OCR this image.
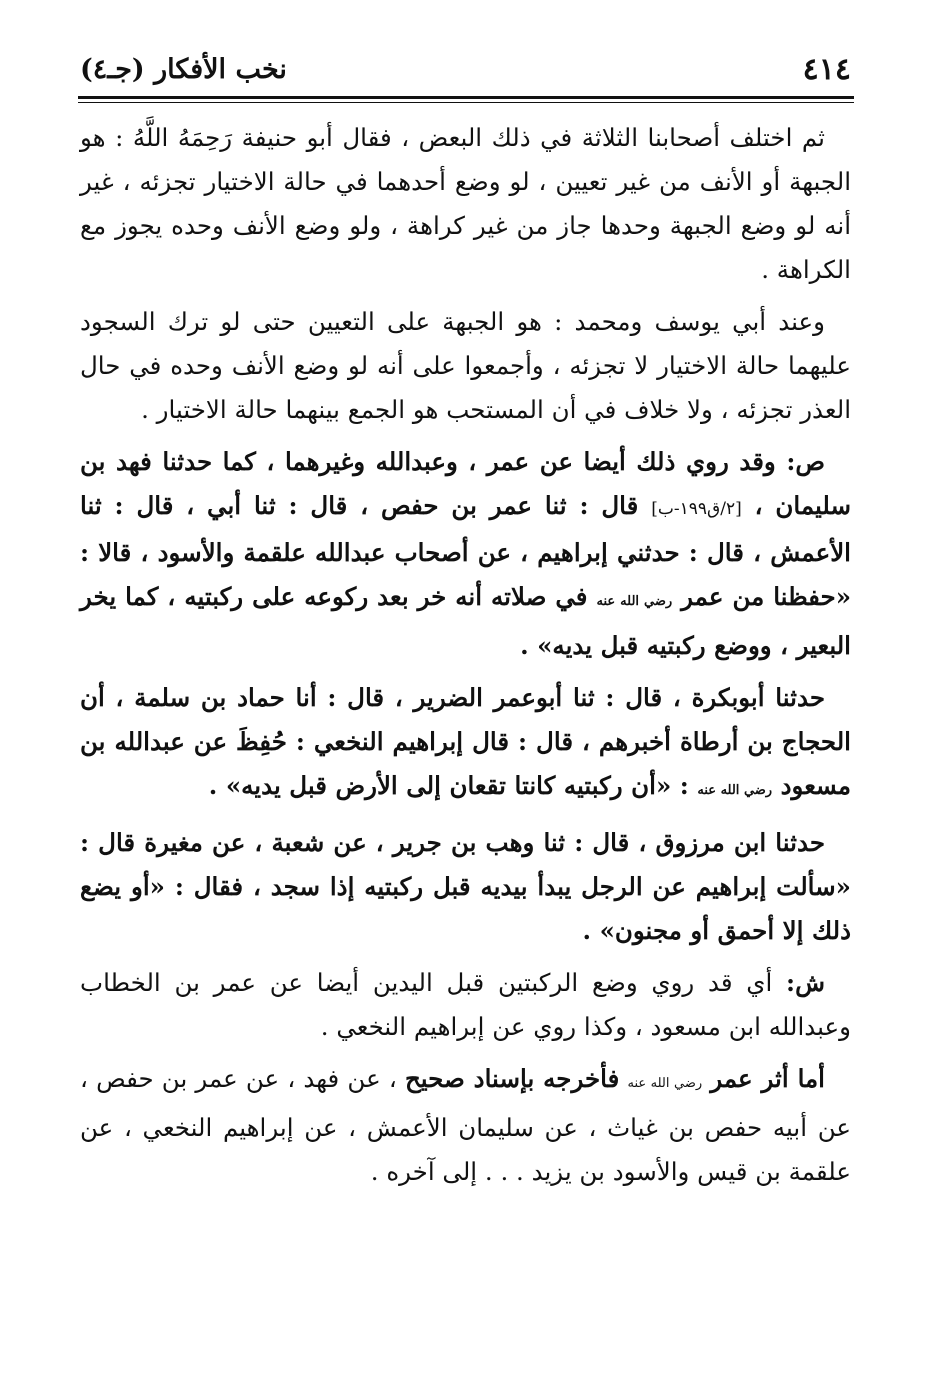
٤١٤
نخب الأفكار (جـ٤)

ثم اختلف أصحابنا الثلاثة في ذلك البعض ، فقال أبو حنيفة رَحِمَهُ اللَّهُ : هو الجبهة أو الأنف من غير تعيين ، لو وضع أحدهما في حالة الاختيار تجزئه ، غير أنه لو وضع الجبهة وحدها جاز من غير كراهة ، ولو وضع الأنف وحده يجوز مع الكراهة .

وعند أبي يوسف ومحمد : هو الجبهة على التعيين حتى لو ترك السجود عليهما حالة الاختيار لا تجزئه ، وأجمعوا على أنه لو وضع الأنف وحده في حال العذر تجزئه ، ولا خلاف في أن المستحب هو الجمع بينهما حالة الاختيار .

ص: وقد روي ذلك أيضا عن عمر ، وعبدالله وغيرهما ، كما حدثنا فهد بن سليمان ، [٢/ق١٩٩-ب] قال : ثنا عمر بن حفص ، قال : ثنا أبي ، قال : ثنا الأعمش ، قال : حدثني إبراهيم ، عن أصحاب عبدالله علقمة والأسود ، قالا : «حفظنا من عمر رضي الله عنه في صلاته أنه خر بعد ركوعه على ركبتيه ، كما يخر البعير ، ووضع ركبتيه قبل يديه» .

حدثنا أبوبكرة ، قال : ثنا أبوعمر الضرير ، قال : أنا حماد بن سلمة ، أن الحجاج بن أرطاة أخبرهم ، قال : قال إبراهيم النخعي : حُفِظَ عن عبدالله بن مسعود رضي الله عنه : «أن ركبتيه كانتا تقعان إلى الأرض قبل يديه» .

حدثنا ابن مرزوق ، قال : ثنا وهب بن جرير ، عن شعبة ، عن مغيرة قال : «سألت إبراهيم عن الرجل يبدأ بيديه قبل ركبتيه إذا سجد ، فقال : «أو يضع ذلك إلا أحمق أو مجنون» .

ش: أي قد روي وضع الركبتين قبل اليدين أيضا عن عمر بن الخطاب وعبدالله ابن مسعود ، وكذا روي عن إبراهيم النخعي .

أما أثر عمر رضي الله عنه فأخرجه بإسناد صحيح ، عن فهد ، عن عمر بن حفص ، عن أبيه حفص بن غياث ، عن سليمان الأعمش ، عن إبراهيم النخعي ، عن علقمة بن قيس والأسود بن يزيد . . . إلى آخره .
